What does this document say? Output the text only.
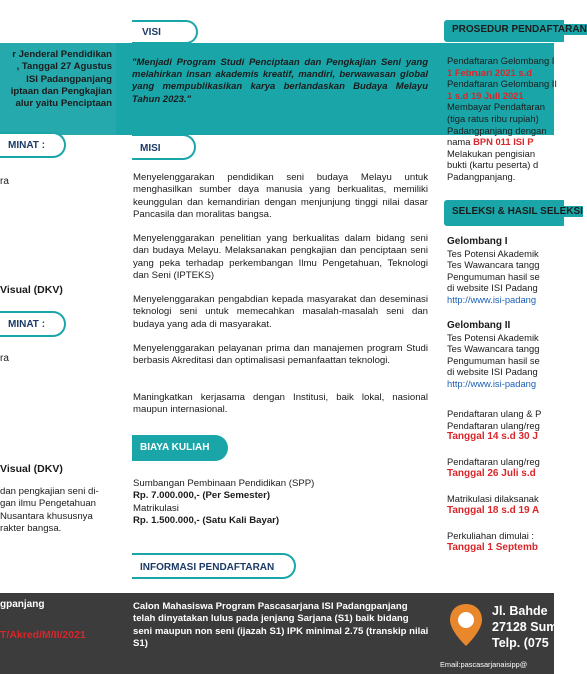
r Jenderal Pendidikan
, Tanggal 27 Agustus
ISI Padangpanjang
iptaan dan Pengkajian
alur yaitu Penciptaan
MINAT :
ra
Visual (DKV)
MINAT :
ra
Visual (DKV)
dan pengkajian seni di-
gan ilmu Pengetahuan
Nusantara khususnya
rakter bangsa.
VISI
"Menjadi Program Studi Penciptaan dan Pengkajian Seni yang melahirkan insan akademis kreatif, mandiri, berwawasan global yang mempublikasikan karya berlandaskan Budaya Melayu Tahun 2023."
MISI
Menyelenggarakan pendidikan seni budaya Melayu untuk menghasilkan sumber daya manusia yang berkualitas, memiliki keunggulan dan kemandirian dengan menjunjung tinggi nilai dasar Pancasila dan moralitas bangsa.
Menyelenggarakan penelitian yang berkualitas dalam bidang seni dan budaya Melayu. Melaksanakan pengkajian dan penciptaan seni yang peka terhadap perkembangan Ilmu Pengetahuan, Teknologi dan Seni (IPTEKS)
Menyelenggarakan pengabdian kepada masyarakat dan deseminasi teknologi seni untuk memecahkan masalah-masalah seni dan budaya yang ada di masyarakat.
Menyelenggarakan pelayanan prima dan manajemen program Studi berbasis Akreditasi dan optimalisasi pemanfaattan teknologi.
Maningkatkan kerjasama dengan Institusi, baik lokal, nasional maupun internasional.
BIAYA KULIAH
Sumbangan Pembinaan Pendidikan (SPP)
Rp. 7.000.000,- (Per Semester)
Matrikulasi
Rp. 1.500.000,- (Satu Kali Bayar)
INFORMASI PENDAFTARAN
PROSEDUR PENDAFTARAN
Pendaftaran Gelombang I
1 Februari 2021 s.d
Pendaftaran Gelombang II
1 s.d 19 Juli 2021
Membayar Pendaftaran
(tiga ratus ribu rupiah)
Padangpanjang dengan
nama BPN 011 ISI P
Melakukan pengisian
bukti (kartu peserta) d
Padangpanjang.
SELEKSI & HASIL SELEKSI
Gelombang I
Tes Potensi Akademik
Tes Wawancara tangg
Pengumuman hasil se
di website ISI Padang
http://www.isi-padang
Gelombang II
Tes Potensi Akademik
Tes Wawancara tangg
Pengumuman hasil se
di website ISI Padang
http://www.isi-padang
Pendaftaran ulang & P
Pendaftaran ulang/reg
Tanggal 14 s.d 30 J
Pendaftaran ulang/reg
Tanggal 26 Juli s.d
Matrikulasi dilaksanak
Tanggal 18 s.d 19 A
Perkuliahan dimulai :
Tanggal 1 Septemb
gpanjang
T/Akred/M/II/2021
Calon Mahasiswa Program Pascasarjana ISI Padangpanjang telah dinyatakan lulus pada jenjang Sarjana (S1) baik bidang seni maupun non seni (ijazah S1) IPK minimal 2.75 (transkip nilai S1)
Jl. Bahde
27128 Sum
Telp. (075
Email:pascasarjanaisipp@
